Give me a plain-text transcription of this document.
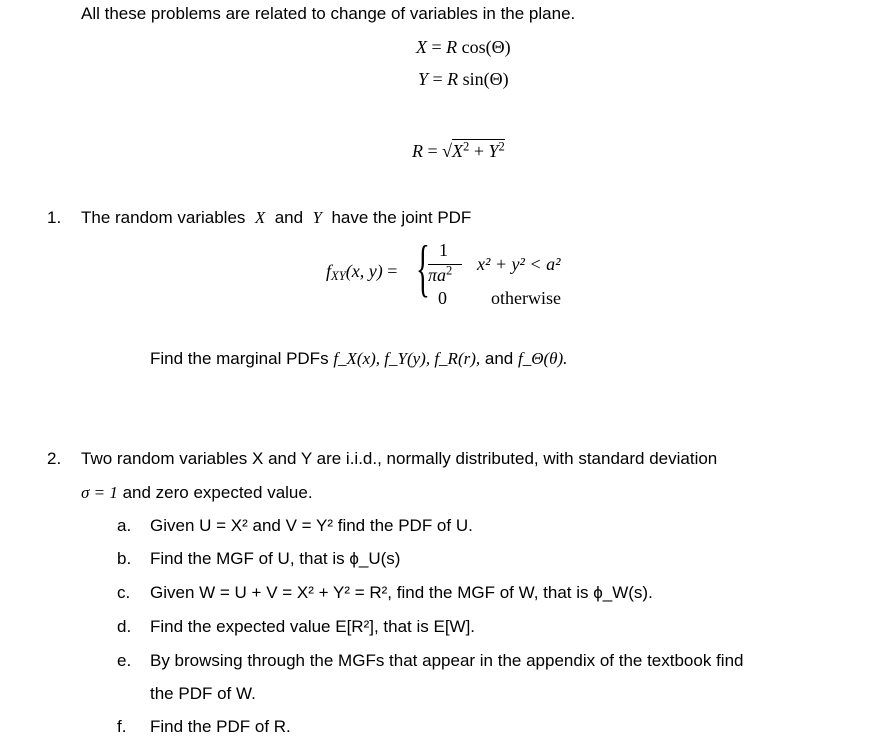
All these problems are related to change of variables in the plane.
X = R cos(Θ)
Y = R sin(Θ)
$R = √X^2 + Y^2$
1. The random variables X and Y have the joint PDF
$f_{XY}(x$, y) = { 1
$\pi a^2$ x² + y² < a²
0 otherwise
Find the marginal PDFs f_X(x), f_Y(y), f_R(r), and f_Θ(θ).
2. Two random variables X and Y are i.i.d., normally distributed, with standard deviation
σ = 1 and zero expected value.
a. Given U = X² and V = Y² find the PDF of U.
b. Find the MGF of U, that is ϕ_U(s)
c. Given W = U + V = X² + Y² = R², find the MGF of W, that is ϕ_W(s).
d. Find the expected value E[R²], that is E[W].
e. By browsing through the MGFs that appear in the appendix of the textbook find
the PDF of W.
f. Find the PDF of R.
